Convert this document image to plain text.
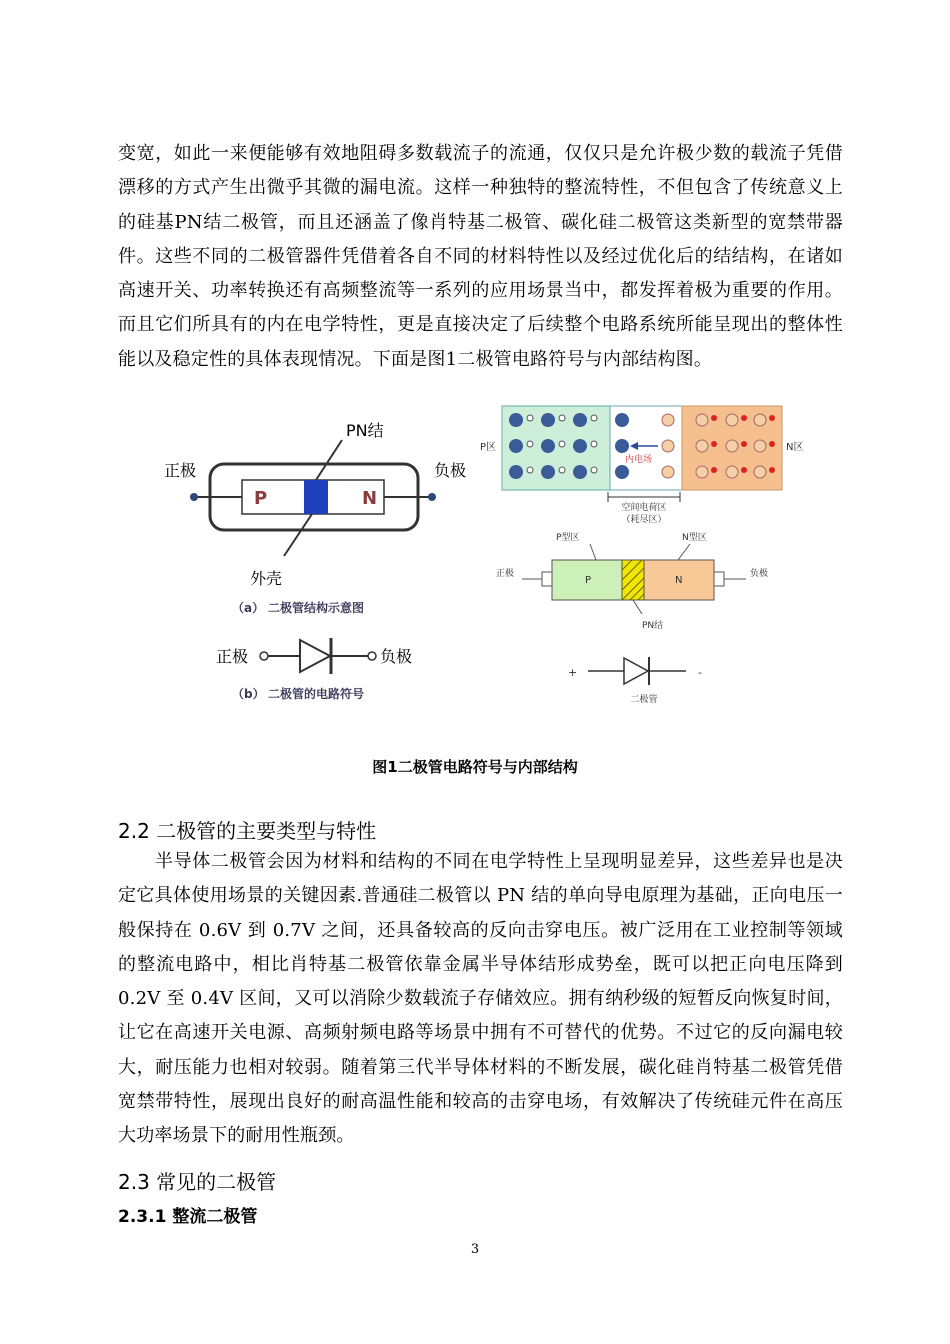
变宽，如此一来便能够有效地阻碍多数载流子的流通，仅仅只是允许极少数的载流子凭借漂移的方式产生出微乎其微的漏电流。这样一种独特的整流特性，不但包含了传统意义上的硅基PN结二极管，而且还涵盖了像肖特基二极管、碳化硅二极管这类新型的宽禁带器件。这些不同的二极管器件凭借着各自不同的材料特性以及经过优化后的结结构，在诸如高速开关、功率转换还有高频整流等一系列的应用场景当中，都发挥着极为重要的作用。而且它们所具有的内在电学特性，更是直接决定了后续整个电路系统所能呈现出的整体性能以及稳定性的具体表现情况。下面是图1二极管电路符号与内部结构图。

PN结
正极	负极
P	N
外壳
（a） 二极管结构示意图
正极	负极
（b） 二极管的电路符号
内电场
P区	N区
空间电荷区
（耗尽区）
P型区	N型区
正极	负极
P	N
PN结
+	-
二极管
图1二极管电路符号与内部结构
2.2 二极管的主要类型与特性

半导体二极管会因为材料和结构的不同在电学特性上呈现明显差异，这些差异也是决定它具体使用场景的关键因素.普通硅二极管以 PN 结的单向导电原理为基础，正向电压一般保持在 0.6V 到 0.7V 之间，还具备较高的反向击穿电压。被广泛用在工业控制等领域的整流电路中，相比肖特基二极管依靠金属半导体结形成势垒，既可以把正向电压降到 0.2V 至 0.4V 区间，又可以消除少数载流子存储效应。拥有纳秒级的短暂反向恢复时间，让它在高速开关电源、高频射频电路等场景中拥有不可替代的优势。不过它的反向漏电较大，耐压能力也相对较弱。随着第三代半导体材料的不断发展，碳化硅肖特基二极管凭借宽禁带特性，展现出良好的耐高温性能和较高的击穿电场，有效解决了传统硅元件在高压大功率场景下的耐用性瓶颈。

2.3 常见的二极管
2.3.1 整流二极管
3
